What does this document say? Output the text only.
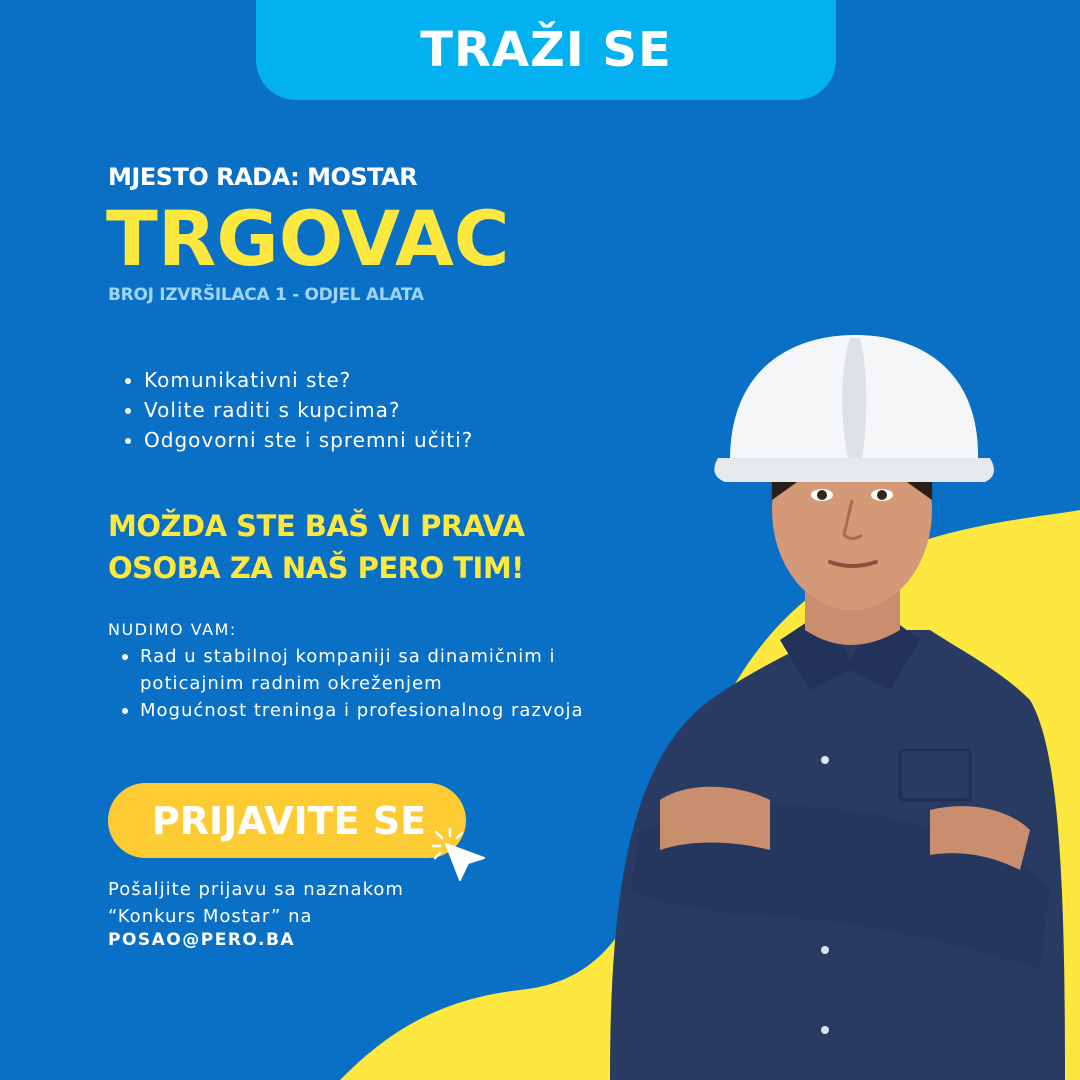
TRAŽI SE
MJESTO RADA: MOSTAR
TRGOVAC
BROJ IZVRŠILACA 1 - ODJEL ALATA
Komunikativni ste?
Volite raditi s kupcima?
Odgovorni ste i spremni učiti?
MOŽDA STE BAŠ VI PRAVA
OSOBA ZA NAŠ PERO TIM!
NUDIMO VAM:
Rad u stabilnoj kompaniji sa dinamičnim i poticajnim radnim okreženjem
Mogućnost treninga i profesionalnog razvoja
PRIJAVITE SE
Pošaljite prijavu sa naznakom
“Konkurs Mostar” na
POSAO@PERO.BA
